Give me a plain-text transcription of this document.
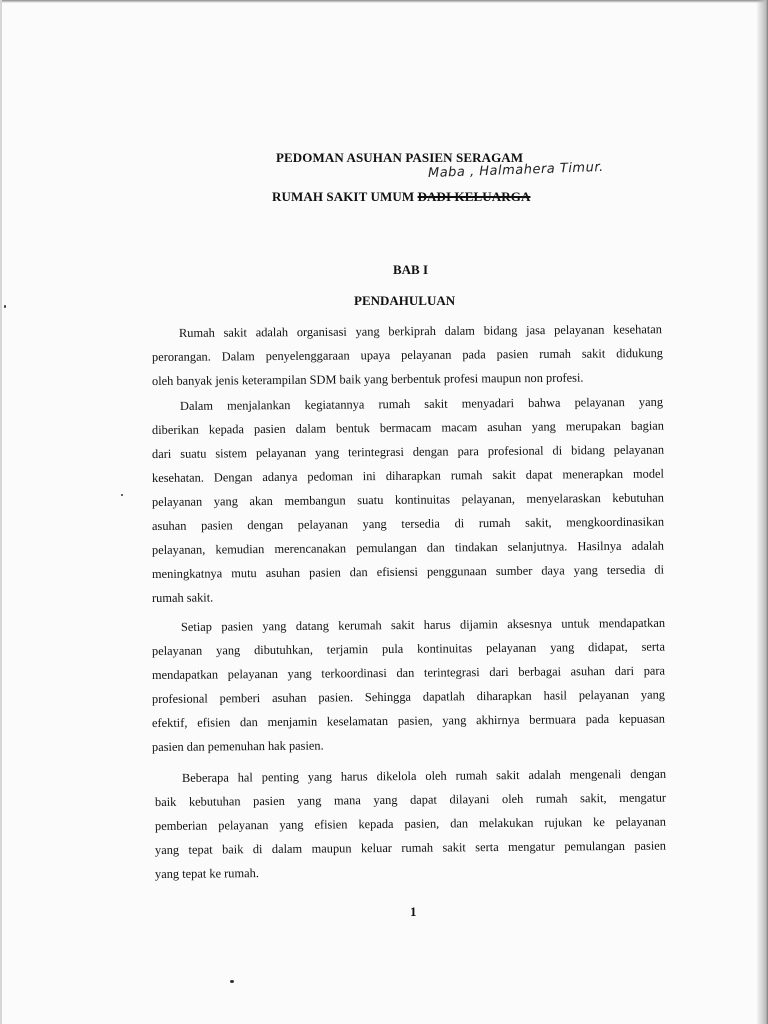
PEDOMAN ASUHAN PASIEN SERAGAM
Maba , Halmahera Timur.
RUMAH SAKIT UMUM DADI KELUARGA
BAB I
PENDAHULUAN
Rumah sakit adalah organisasi yang berkiprah dalam bidang jasa pelayanan kesehatan
perorangan. Dalam penyelenggaraan upaya pelayanan pada pasien rumah sakit didukung
oleh banyak jenis keterampilan SDM baik yang berbentuk profesi maupun non profesi.
Dalam menjalankan kegiatannya rumah sakit menyadari bahwa pelayanan yang
diberikan kepada pasien dalam bentuk bermacam macam asuhan yang merupakan bagian
dari suatu sistem pelayanan yang terintegrasi dengan para profesional di bidang pelayanan
kesehatan. Dengan adanya pedoman ini diharapkan rumah sakit dapat menerapkan model
pelayanan yang akan membangun suatu kontinuitas pelayanan, menyelaraskan kebutuhan
asuhan pasien dengan pelayanan yang tersedia di rumah sakit, mengkoordinasikan
pelayanan, kemudian merencanakan pemulangan dan tindakan selanjutnya. Hasilnya adalah
meningkatnya mutu asuhan pasien dan efisiensi penggunaan sumber daya yang tersedia di
rumah sakit.
Setiap pasien yang datang kerumah sakit harus dijamin aksesnya untuk mendapatkan
pelayanan yang dibutuhkan, terjamin pula kontinuitas pelayanan yang didapat, serta
mendapatkan pelayanan yang terkoordinasi dan terintegrasi dari berbagai asuhan dari para
profesional pemberi asuhan pasien. Sehingga dapatlah diharapkan hasil pelayanan yang
efektif, efisien dan menjamin keselamatan pasien, yang akhirnya bermuara pada kepuasan
pasien dan pemenuhan hak pasien.
Beberapa hal penting yang harus dikelola oleh rumah sakit adalah mengenali dengan
baik kebutuhan pasien yang mana yang dapat dilayani oleh rumah sakit, mengatur
pemberian pelayanan yang efisien kepada pasien, dan melakukan rujukan ke pelayanan
yang tepat baik di dalam maupun keluar rumah sakit serta mengatur pemulangan pasien
yang tepat ke rumah.
1
